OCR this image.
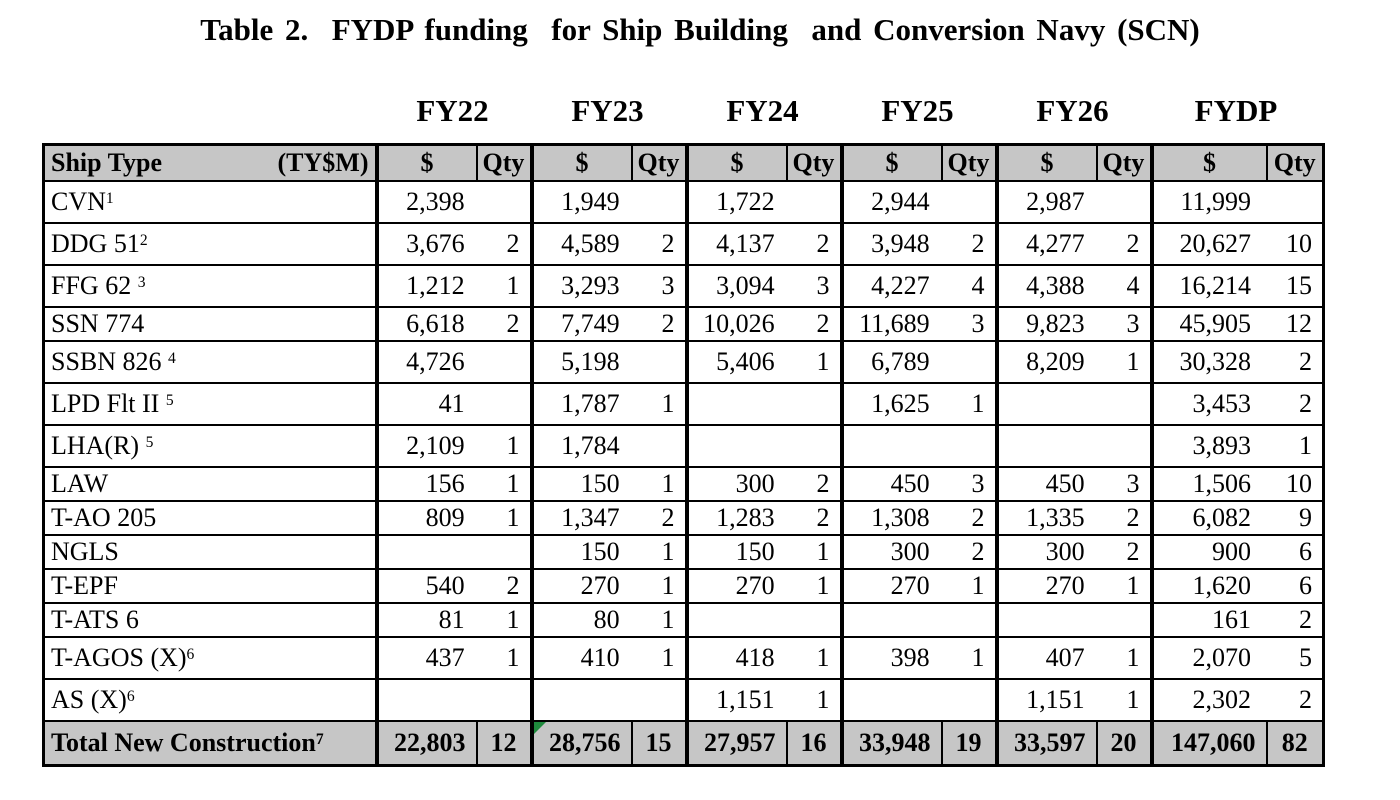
Table 2.  FYDP funding  for Ship Building  and Conversion Navy (SCN)
FY22	FY23	FY24	FY25	FY26	FYDP
Ship Type (TY$M)	$	Qty	$	Qty	$	Qty	$	Qty	$	Qty	$	Qty
CVN$^1$	2,398		1,949		1,722		2,944		2,987		11,999	

DDG $51^2$	3,676 2		4,589 2		4,137 2		3,948 2		4,277 2		20,627 10	

FFG 62 $^3$	1,212 1		3,293 3		3,094 3		4,227 4		4,388 4		16,214 15	

SSN 774	6,618 2		7,749 2		10,026 2		11,689 3		9,823 3		45,905 12	

SSBN 826 $^4$	4,726		5,198		5,406 1		6,789		8,209 1		30,328 2	

LPD Flt II $^5$	41		1,787 1				1,625 1				3,453 2	

LHA(R) $^5$	2,109 1		1,784								3,893 1	

LAW	156 1		150 1		300 2		450 3		450 3		1,506 10	

T-AO 205	809 1		1,347 2		1,283 2		1,308 2		1,335 2		6,082 9	

NGLS			150 1		150 1		300 2		300 2		900 6	

T-EPF	540 2		270 1		270 1		270 1		270 1		1,620 6	

T-ATS 6	81 1		80 1								161 2	

T-AGOS $(X)^6$	437 1		410 1		418 1		398 1		407 1		2,070 5	

AS $(X)^6$					1,151 1				1,151 1		2,302 2	

Total New Construction$^7$	22,803	12	28,756	15	27,957	16	33,948	19	33,597	20	147,060	82
